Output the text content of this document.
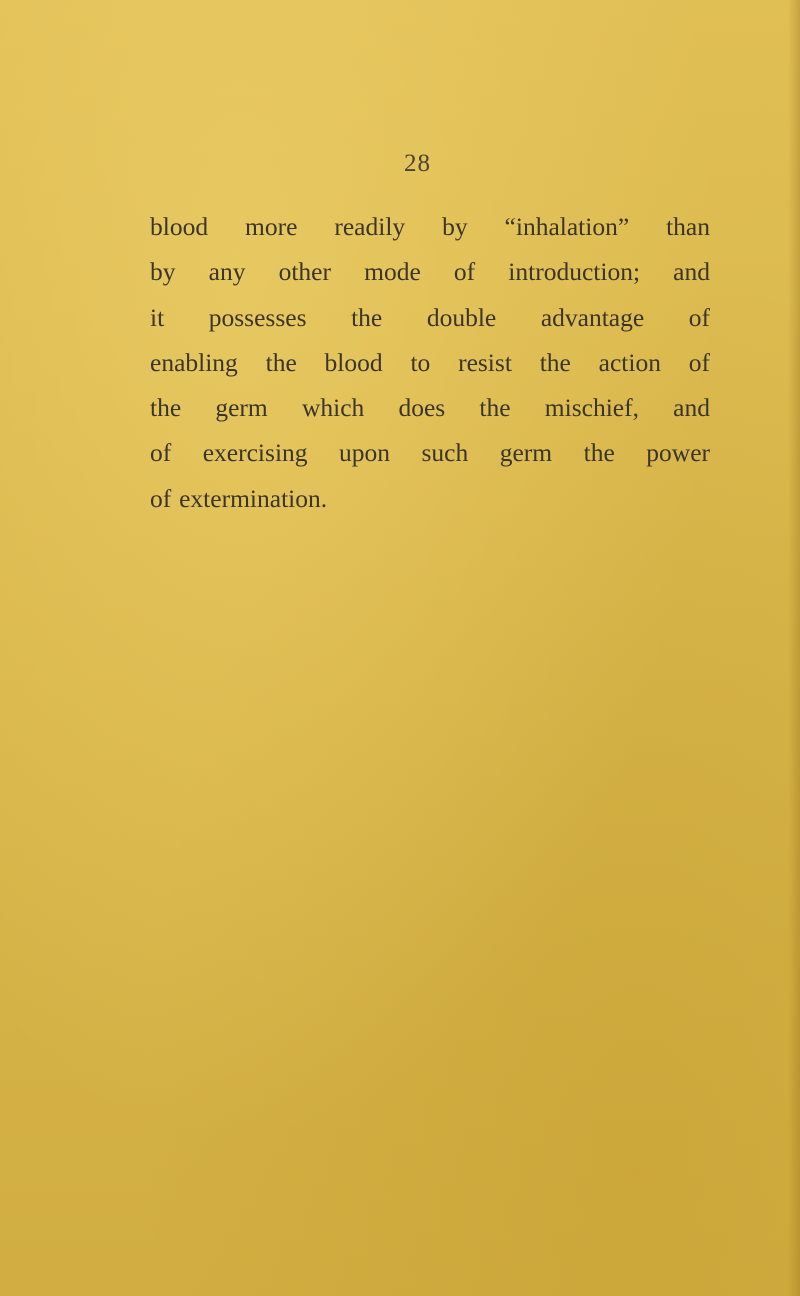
28
blood more readily by “inhalation” than
by any other mode of introduction; and
it possesses the double advantage of
enabling the blood to resist the action of
the germ which does the mischief, and
of exercising upon such germ the power
of extermination.
